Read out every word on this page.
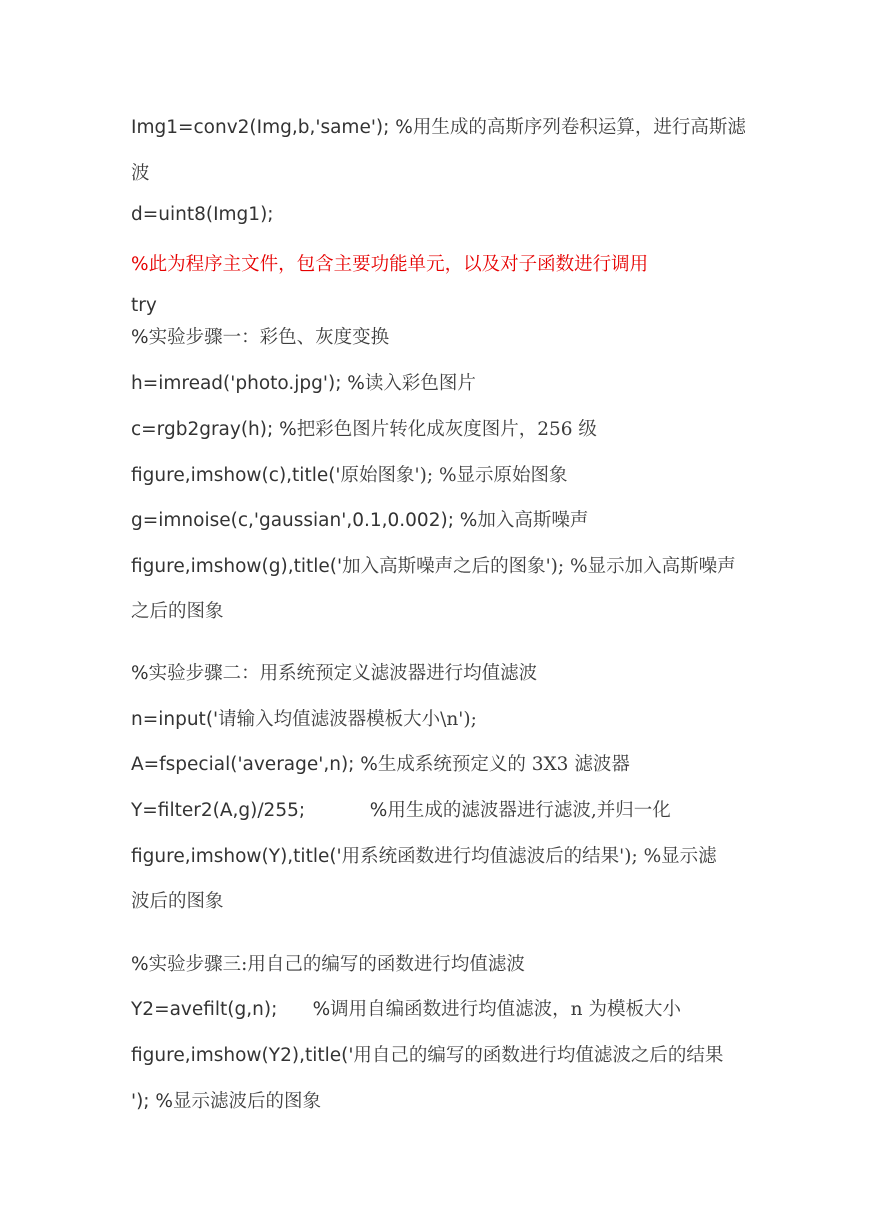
Img1=conv2(Img,b,'same'); %用生成的高斯序列卷积运算，进行高斯滤
波
d=uint8(Img1);
%此为程序主文件，包含主要功能单元，以及对子函数进行调用
try
%实验步骤一：彩色、灰度变换
h=imread('photo.jpg'); %读入彩色图片
c=rgb2gray(h); %把彩色图片转化成灰度图片，256 级
figure,imshow(c),title('原始图象'); %显示原始图象
g=imnoise(c,'gaussian',0.1,0.002); %加入高斯噪声
figure,imshow(g),title('加入高斯噪声之后的图象'); %显示加入高斯噪声
之后的图象
%实验步骤二：用系统预定义滤波器进行均值滤波
n=input('请输入均值滤波器模板大小\n');
A=fspecial('average',n); %生成系统预定义的 3X3 滤波器
Y=filter2(A,g)/255;           %用生成的滤波器进行滤波,并归一化
figure,imshow(Y),title('用系统函数进行均值滤波后的结果'); %显示滤
波后的图象
%实验步骤三:用自己的编写的函数进行均值滤波
Y2=avefilt(g,n);      %调用自编函数进行均值滤波，n 为模板大小
figure,imshow(Y2),title('用自己的编写的函数进行均值滤波之后的结果
'); %显示滤波后的图象
